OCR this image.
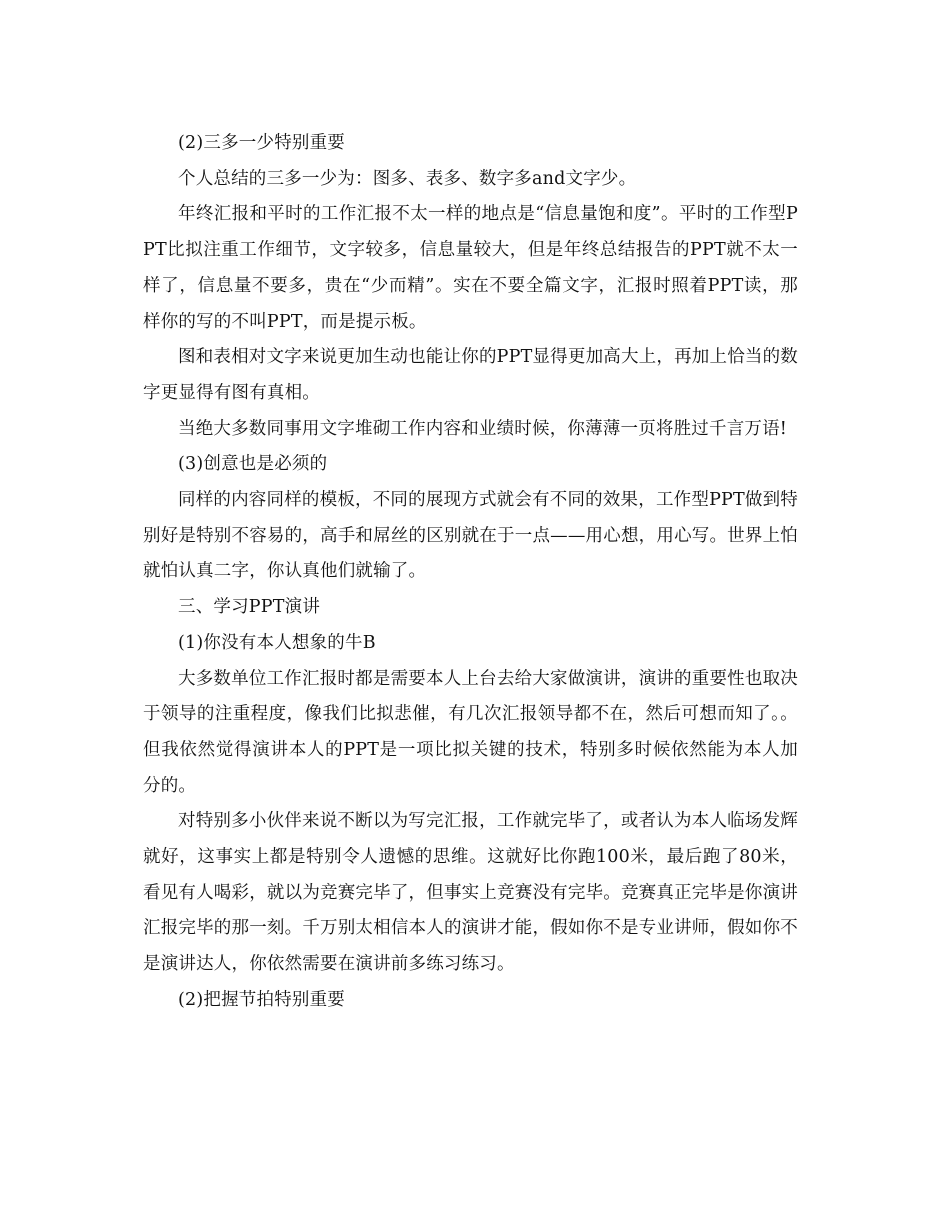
(2)三多一少特别重要

个人总结的三多一少为：图多、表多、数字多and文字少。

年终汇报和平时的工作汇报不太一样的地点是“信息量饱和度”。平时的工作型PPT比拟注重工作细节，文字较多，信息量较大，但是年终总结报告的PPT就不太一样了，信息量不要多，贵在“少而精”。实在不要全篇文字，汇报时照着PPT读，那样你的写的不叫PPT，而是提示板。

图和表相对文字来说更加生动也能让你的PPT显得更加高大上，再加上恰当的数字更显得有图有真相。

当绝大多数同事用文字堆砌工作内容和业绩时候，你薄薄一页将胜过千言万语!

(3)创意也是必须的

同样的内容同样的模板，不同的展现方式就会有不同的效果，工作型PPT做到特别好是特别不容易的，高手和屌丝的区别就在于一点——用心想，用心写。世界上怕就怕认真二字，你认真他们就输了。

三、学习PPT演讲

(1)你没有本人想象的牛B

大多数单位工作汇报时都是需要本人上台去给大家做演讲，演讲的重要性也取决于领导的注重程度，像我们比拟悲催，有几次汇报领导都不在，然后可想而知了。。但我依然觉得演讲本人的PPT是一项比拟关键的技术，特别多时候依然能为本人加分的。

对特别多小伙伴来说不断以为写完汇报，工作就完毕了，或者认为本人临场发辉就好，这事实上都是特别令人遗憾的思维。这就好比你跑100米，最后跑了80米，看见有人喝彩，就以为竞赛完毕了，但事实上竞赛没有完毕。竞赛真正完毕是你演讲汇报完毕的那一刻。千万别太相信本人的演讲才能，假如你不是专业讲师，假如你不是演讲达人，你依然需要在演讲前多练习练习。

(2)把握节拍特别重要
